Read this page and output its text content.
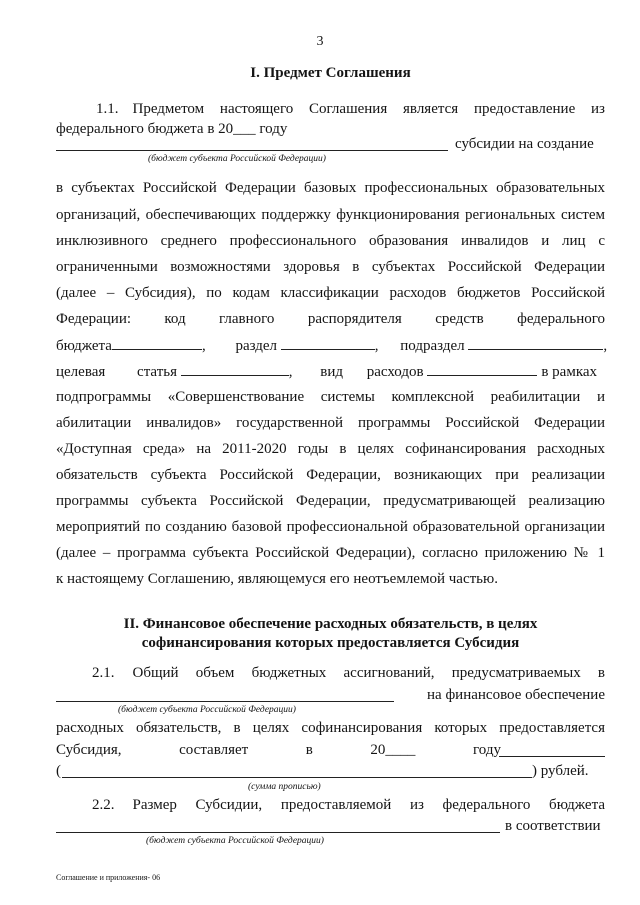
3
I. Предмет Соглашения
1.1. Предметом настоящего Соглашения является предоставление из
федерального бюджета в 20___ году
субсидии на создание
(бюджет субъекта Российской Федерации)
в субъектах Российской Федерации базовых профессиональных образовательных
организаций, обеспечивающих поддержку функционирования региональных систем
инклюзивного среднего профессионального образования инвалидов и лиц с
ограниченными возможностями здоровья в субъектах Российской Федерации
(далее – Субсидия), по кодам классификации расходов бюджетов Российской
Федерации: код главного распорядителя средств федерального
бюджета	, раздел	, подраздел	,
целевая статья	, вид расходов	в рамках
подпрограммы «Совершенствование системы комплексной реабилитации и
абилитации инвалидов» государственной программы Российской Федерации
«Доступная среда» на 2011-2020 годы в целях софинансирования расходных
обязательств субъекта Российской Федерации, возникающих при реализации
программы субъекта Российской Федерации, предусматривающей реализацию
мероприятий по созданию базовой профессиональной образовательной организации
(далее – программа субъекта Российской Федерации), согласно приложению № 1
к настоящему Соглашению, являющемуся его неотъемлемой частью.
II. Финансовое обеспечение расходных обязательств, в целях
софинансирования которых предоставляется Субсидия
2.1. Общий объем бюджетных ассигнований, предусматриваемых в
на финансовое обеспечение
(бюджет субъекта Российской Федерации)
расходных обязательств, в целях софинансирования которых предоставляется
Субсидия,	составляет	в	20____	году
(	) рублей.
(сумма прописью)
2.2. Размер Субсидии, предоставляемой из федерального бюджета
в соответствии
(бюджет субъекта Российской Федерации)
Соглашение и приложения- 06
